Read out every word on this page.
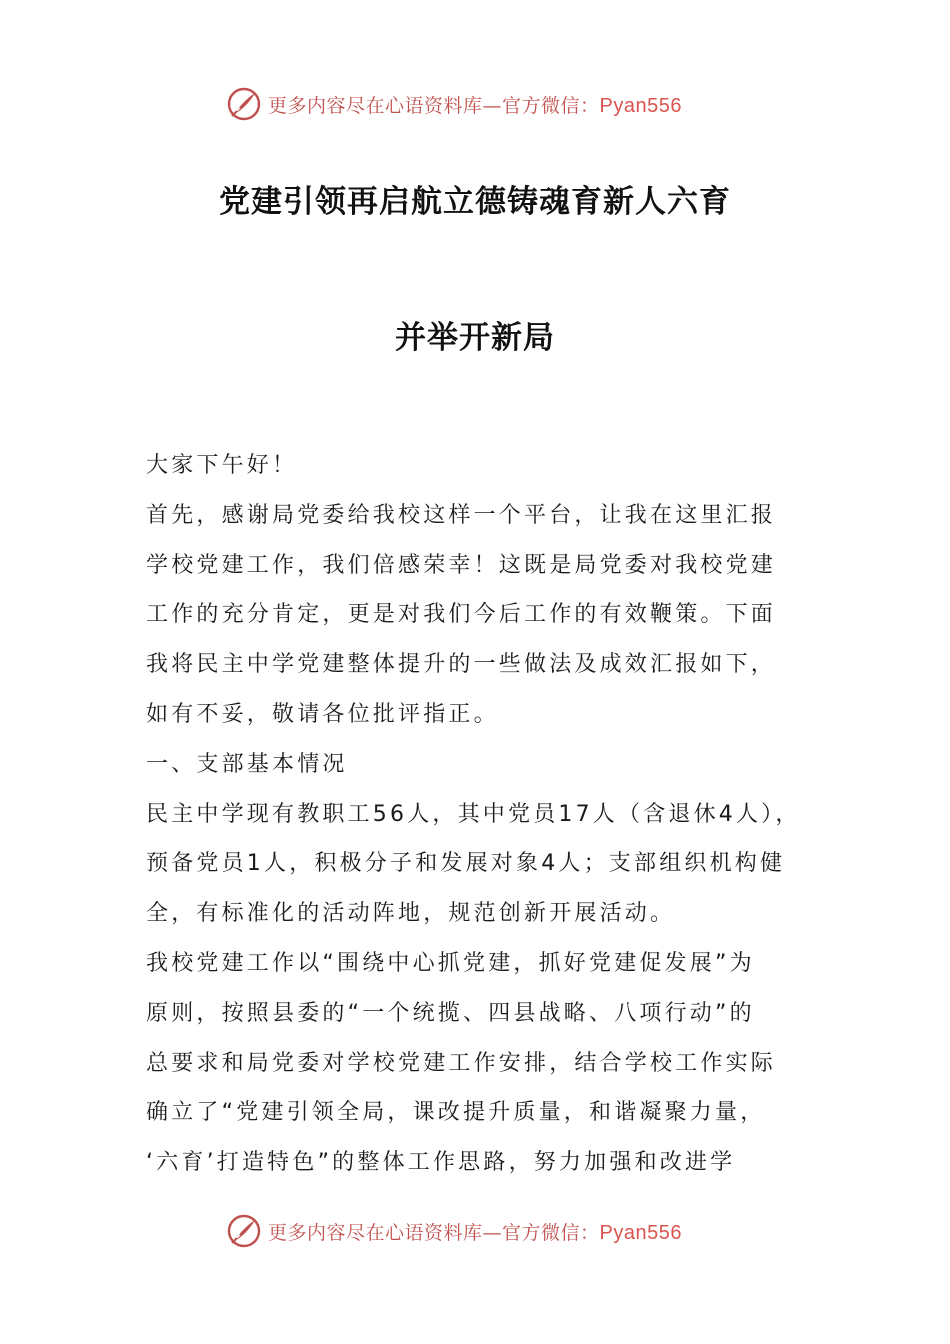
更多内容尽在心语资料库—官方微信：Pyan556
党建引领再启航立德铸魂育新人六育
并举开新局
大家下午好！
首先，感谢局党委给我校这样一个平台，让我在这里汇报
学校党建工作，我们倍感荣幸！这既是局党委对我校党建
工作的充分肯定，更是对我们今后工作的有效鞭策。下面
我将民主中学党建整体提升的一些做法及成效汇报如下，
如有不妥，敬请各位批评指正。
一、支部基本情况
民主中学现有教职工56人，其中党员17人（含退休4人），
预备党员1人，积极分子和发展对象4人；支部组织机构健
全，有标准化的活动阵地，规范创新开展活动。
我校党建工作以“围绕中心抓党建，抓好党建促发展”为
原则，按照县委的“一个统揽、四县战略、八项行动”的
总要求和局党委对学校党建工作安排，结合学校工作实际
确立了“党建引领全局，课改提升质量，和谐凝聚力量，
‘六育’打造特色”的整体工作思路，努力加强和改进学
更多内容尽在心语资料库—官方微信：Pyan556
